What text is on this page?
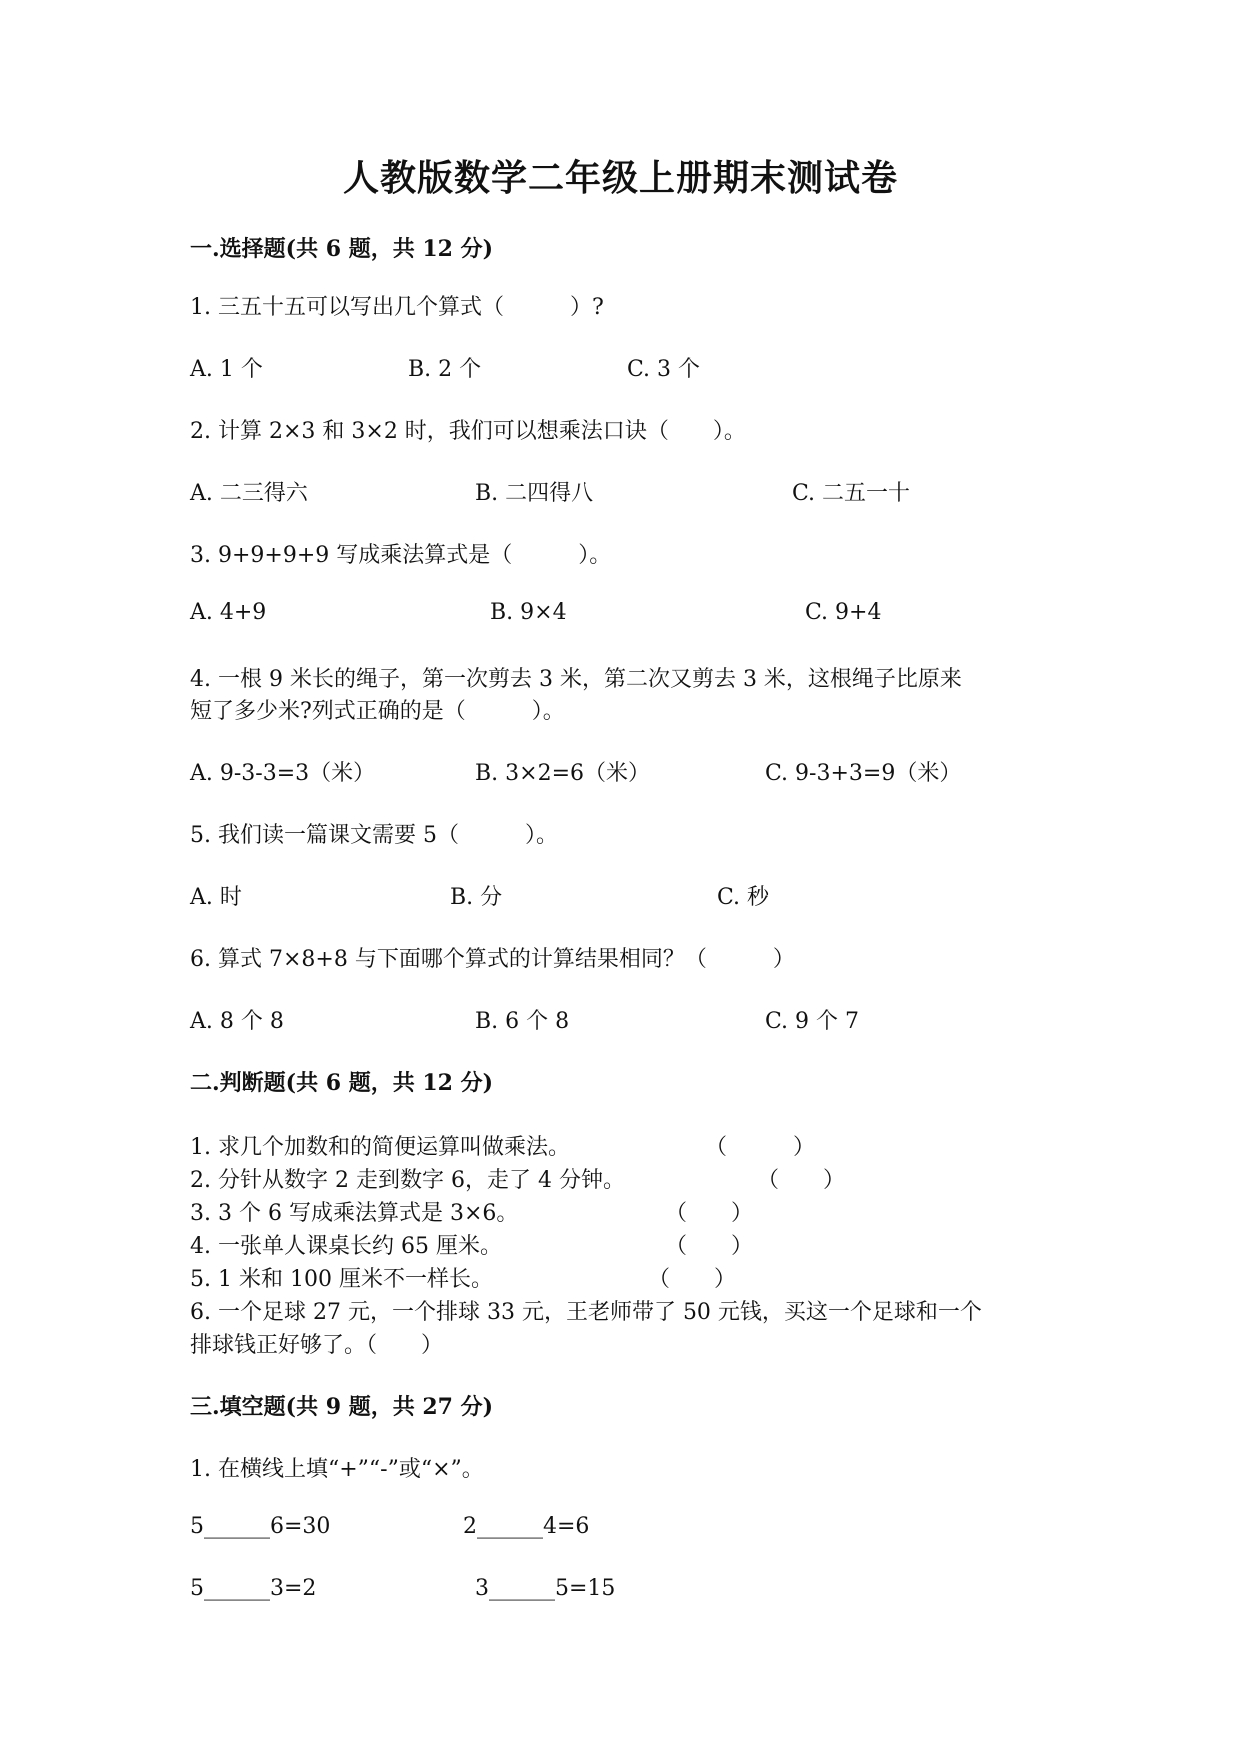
人教版数学二年级上册期末测试卷
一.选择题(共 6 题，共 12 分)
1. 三五十五可以写出几个算式（　　　）?
A. 1 个	B. 2 个	C. 3 个
2. 计算 2×3 和 3×2 时，我们可以想乘法口诀（　　）。
A. 二三得六	B. 二四得八	C. 二五一十
3. 9+9+9+9 写成乘法算式是（　　　）。
A. 4+9	B. 9×4	C. 9+4
4. 一根 9 米长的绳子，第一次剪去 3 米，第二次又剪去 3 米，这根绳子比原来
短了多少米?列式正确的是（　　　）。
A. 9-3-3=3（米）	B. 3×2=6（米）	C. 9-3+3=9（米）
5. 我们读一篇课文需要 5（　　　）。
A. 时	B. 分	C. 秒
6. 算式 7×8+8 与下面哪个算式的计算结果相同？（　　　）
A. 8 个 8	B. 6 个 8	C. 9 个 7
二.判断题(共 6 题，共 12 分)
1. 求几个加数和的简便运算叫做乘法。	（　　　）
2. 分针从数字 2 走到数字 6，走了 4 分钟。	（　　）
3. 3 个 6 写成乘法算式是 3×6。	（　　）
4. 一张单人课桌长约 65 厘米。	（　　）
5. 1 米和 100 厘米不一样长。	（　　）
6. 一个足球 27 元，一个排球 33 元，王老师带了 50 元钱，买这一个足球和一个
排球钱正好够了。（　　）
三.填空题(共 9 题，共 27 分)
1. 在横线上填“+”“-”或“×”。
5______6=30	2______4=6
5______3=2	3______5=15
